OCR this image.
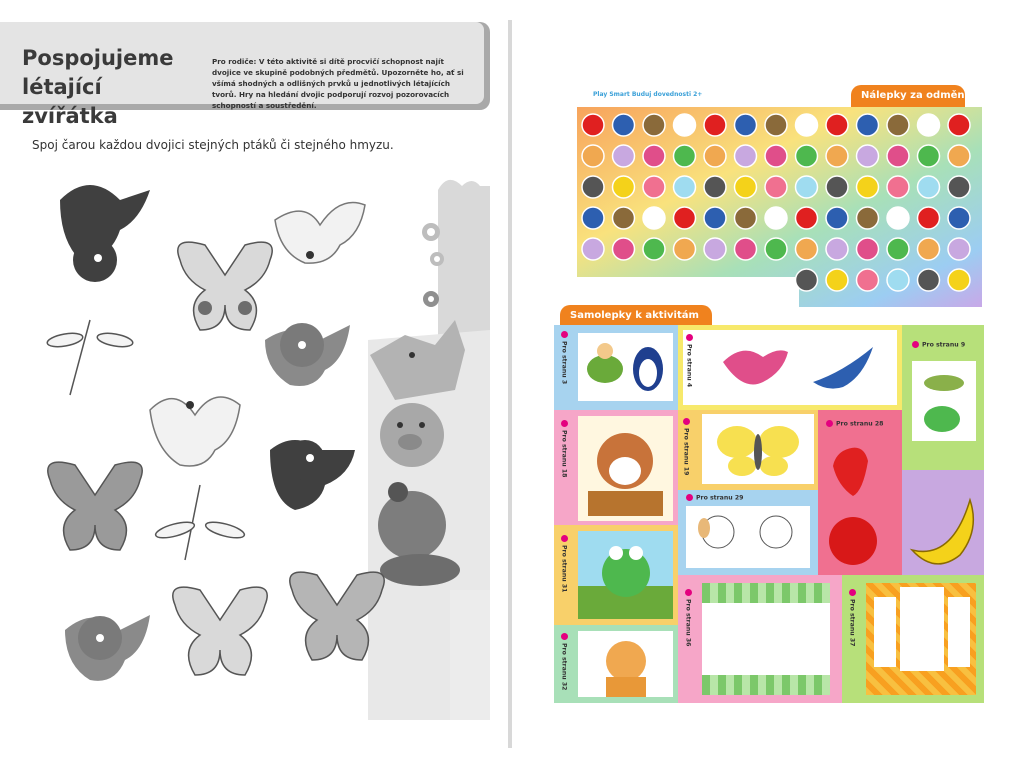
Pospojujeme
létající zvířátka
Pro rodiče: V této aktivitě si dítě procvičí schopnost najít dvojice ve skupině podobných předmětů. Upozorněte ho, ať si všímá shodných a odlišných prvků u jednotlivých létajících tvorů. Hry na hledání dvojic podporují rozvoj pozorovacích schopností a soustředění.
Spoj čarou každou dvojici stejných ptáků či stejného hmyzu.
Play Smart Buduj dovednosti 2+	Nálepky za odměnu
Samolepky k aktivitám
Pro stranu 3	Pro stranu 4	Pro stranu 9
Pro stranu 18	Pro stranu 19
Pro stranu 28
Pro stranu 29
Pro stranu 31
Pro stranu 36	Pro stranu 37
Pro stranu 32
